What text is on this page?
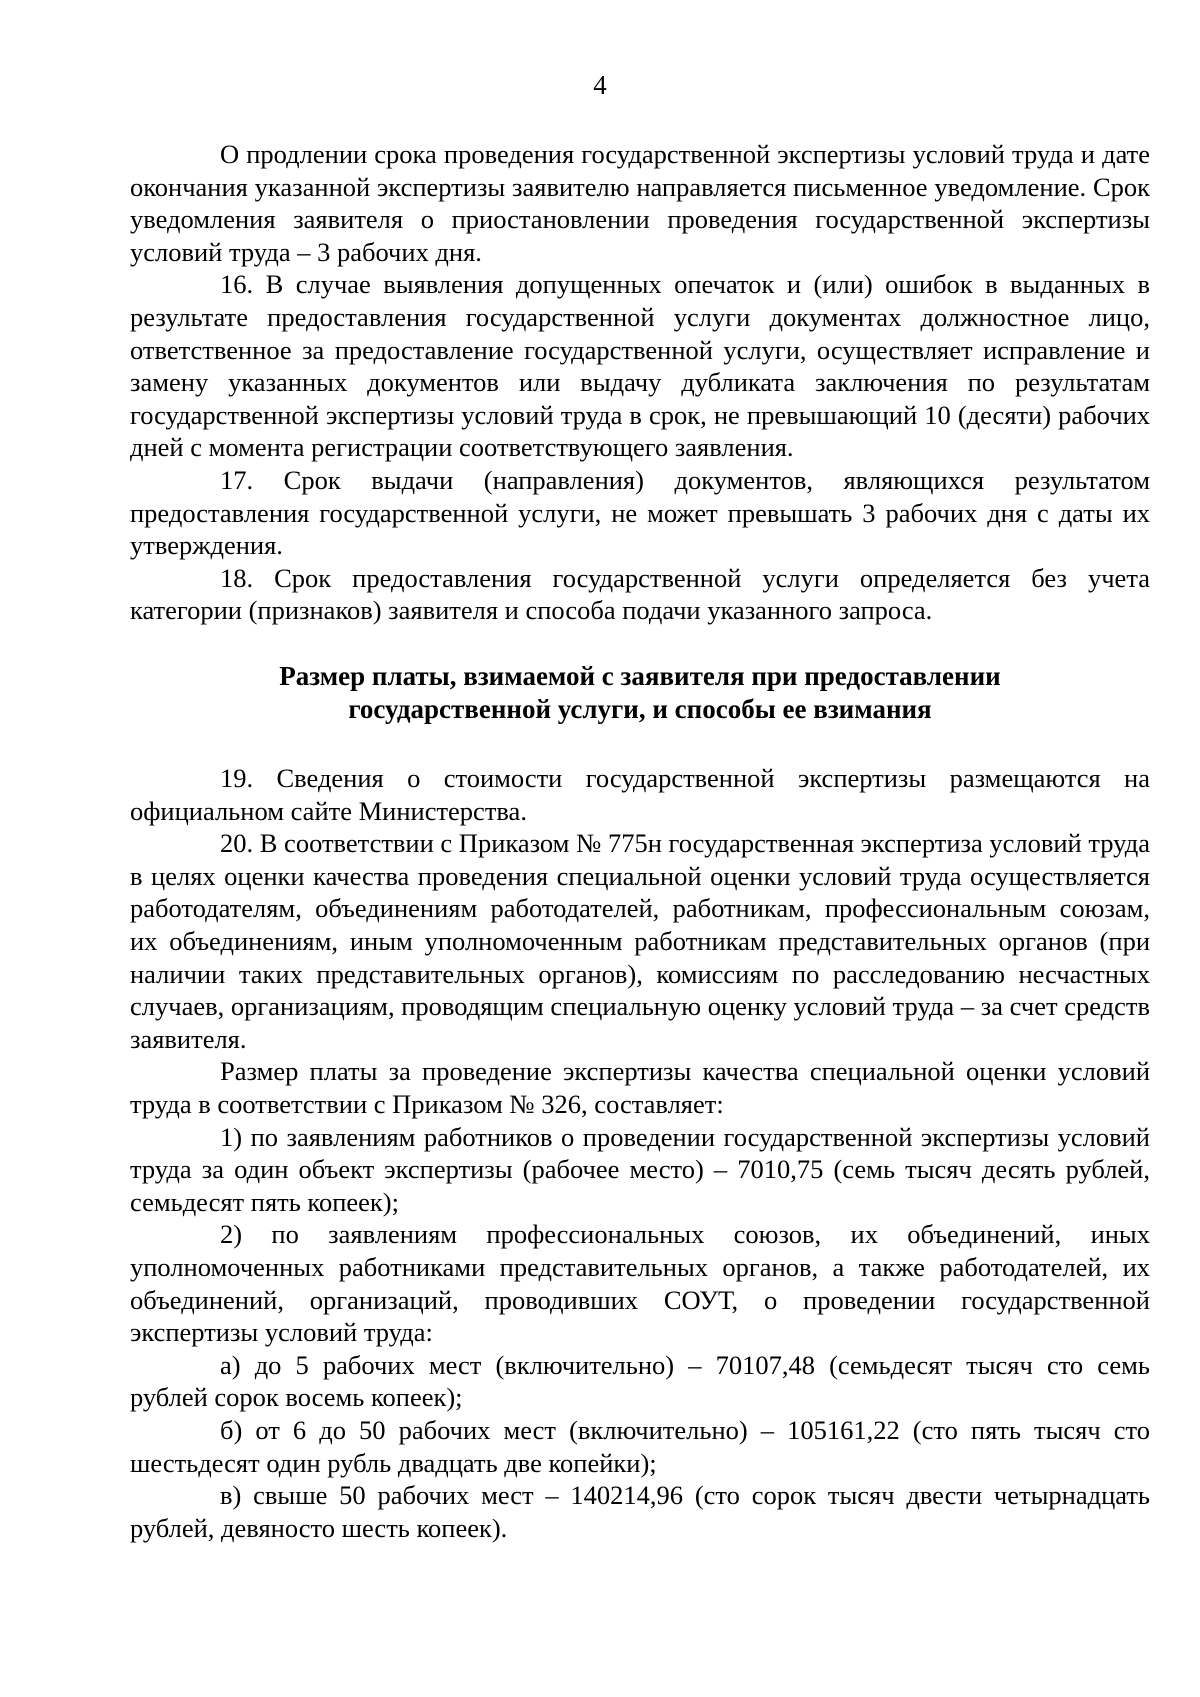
4

О продлении срока проведения государственной экспертизы условий труда и дате окончания указанной экспертизы заявителю направляется письменное уведомление. Срок уведомления заявителя о приостановлении проведения государственной экспертизы условий труда – 3 рабочих дня.

16. В случае выявления допущенных опечаток и (или) ошибок в выданных в результате предоставления государственной услуги документах должностное лицо, ответственное за предоставление государственной услуги, осуществляет исправление и замену указанных документов или выдачу дубликата заключения по результатам государственной экспертизы условий труда в срок, не превышающий 10 (десяти) рабочих дней с момента регистрации соответствующего заявления.

17. Срок выдачи (направления) документов, являющихся результатом предоставления государственной услуги, не может превышать 3 рабочих дня с даты их утверждения.

18. Срок предоставления государственной услуги определяется без учета категории (признаков) заявителя и способа подачи указанного запроса.

Размер платы, взимаемой с заявителя при предоставлении
государственной услуги, и способы ее взимания

19. Сведения о стоимости государственной экспертизы размещаются на официальном сайте Министерства.

20. В соответствии с Приказом № 775н государственная экспертиза условий труда в целях оценки качества проведения специальной оценки условий труда осуществляется работодателям, объединениям работодателей, работникам, профессиональным союзам, их объединениям, иным уполномоченным работникам представительных органов (при наличии таких представительных органов), комиссиям по расследованию несчастных случаев, организациям, проводящим специальную оценку условий труда – за счет средств заявителя.

Размер платы за проведение экспертизы качества специальной оценки условий труда в соответствии с Приказом № 326, составляет:

1) по заявлениям работников о проведении государственной экспертизы условий труда за один объект экспертизы (рабочее место) – 7010,75 (семь тысяч десять рублей, семьдесят пять копеек);

2) по заявлениям профессиональных союзов, их объединений, иных уполномоченных работниками представительных органов, а также работодателей, их объединений, организаций, проводивших СОУТ, о проведении государственной экспертизы условий труда:

а) до 5 рабочих мест (включительно) – 70107,48 (семьдесят тысяч сто семь рублей сорок восемь копеек);

б) от 6 до 50 рабочих мест (включительно) – 105161,22 (сто пять тысяч сто шестьдесят один рубль двадцать две копейки);

в) свыше 50 рабочих мест – 140214,96 (сто сорок тысяч двести четырнадцать рублей, девяносто шесть копеек).
